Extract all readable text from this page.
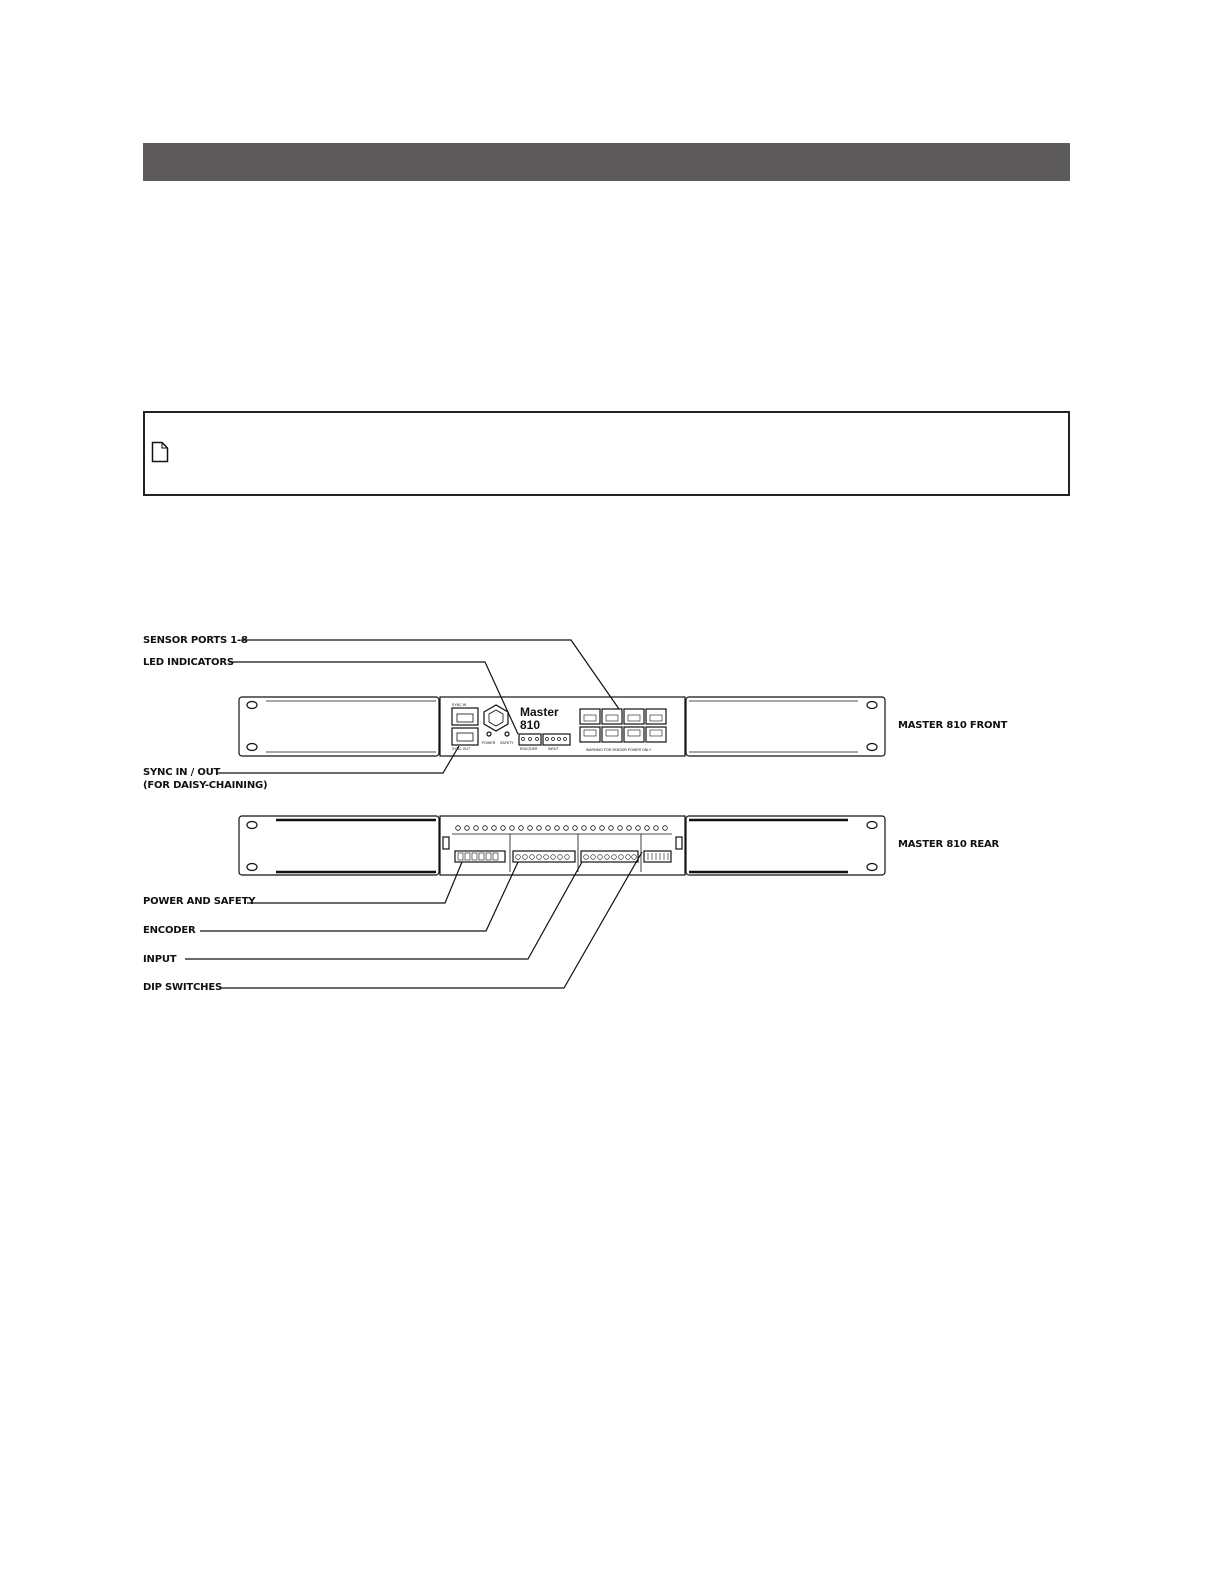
SENSOR PORTS 1-8
LED INDICATORS
SYNC IN / OUT
(FOR DAISY-CHAINING)
POWER AND SAFETY
ENCODER
INPUT
DIP SWITCHES
MASTER 810 FRONT
MASTER 810 REAR
Master
810
SYNC IN
SYNC OUT
POWER SAFETY
ENCODER	INPUT	WARNING FOR SENSOR POWER ONLY
